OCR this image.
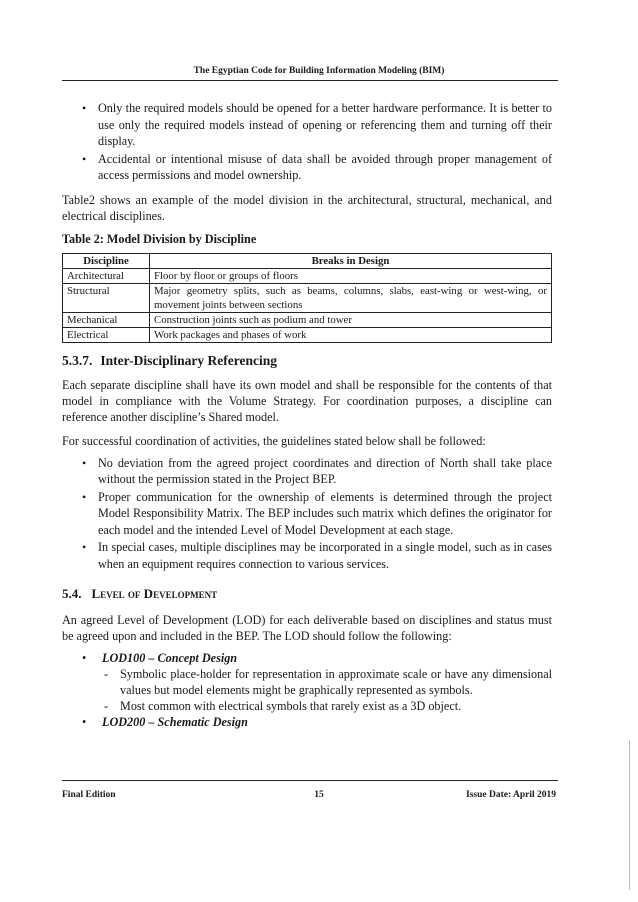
The Egyptian Code for Building Information Modeling (BIM)
• Only the required models should be opened for a better hardware performance. It is better to use only the required models instead of opening or referencing them and turning off their display.
• Accidental or intentional misuse of data shall be avoided through proper management of access permissions and model ownership.

Table2 shows an example of the model division in the architectural, structural, mechanical, and electrical disciplines.

Table 2: Model Division by Discipline
Discipline	Breaks in Design
Architectural	Floor by floor or groups of floors
Structural	Major geometry splits, such as beams, columns, slabs, east-wing or west-wing, or movement joints between sections
Mechanical	Construction joints such as podium and tower
Electrical	Work packages and phases of work
5.3.7. Inter-Disciplinary Referencing

Each separate discipline shall have its own model and shall be responsible for the contents of that model in compliance with the Volume Strategy. For coordination purposes, a discipline can reference another discipline’s Shared model.

For successful coordination of activities, the guidelines stated below shall be followed:

• No deviation from the agreed project coordinates and direction of North shall take place without the permission stated in the Project BEP.
• Proper communication for the ownership of elements is determined through the project Model Responsibility Matrix. The BEP includes such matrix which defines the originator for each model and the intended Level of Model Development at each stage.
• In special cases, multiple disciplines may be incorporated in a single model, such as in cases when an equipment requires connection to various services.
5.4. Level of Development

An agreed Level of Development (LOD) for each deliverable based on disciplines and status must be agreed upon and included in the BEP. The LOD should follow the following:

• LOD100 – Concept Design
- Symbolic place-holder for representation in approximate scale or have any dimensional values but model elements might be graphically represented as symbols.
- Most common with electrical symbols that rarely exist as a 3D object.
• LOD200 – Schematic Design
Final Edition	15	Issue Date: April 2019
